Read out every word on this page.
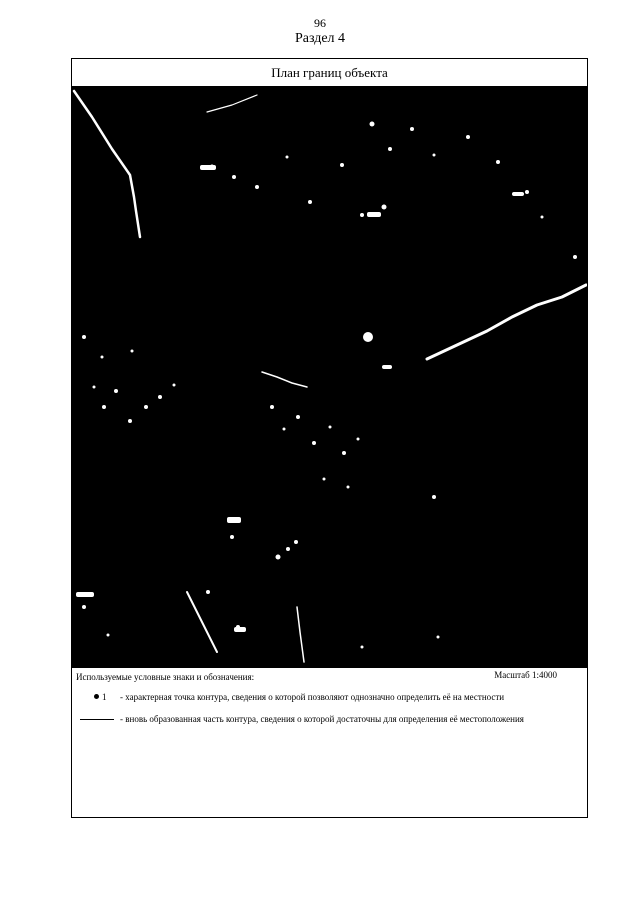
96
Раздел 4
План границ объекта
Используемые условные знаки и обозначения:	Масштаб 1:4000
1 - характерная точка контура, сведения о которой позволяют однозначно определить её на местности
- вновь образованная часть контура, сведения о которой достаточны для определения её местоположения
